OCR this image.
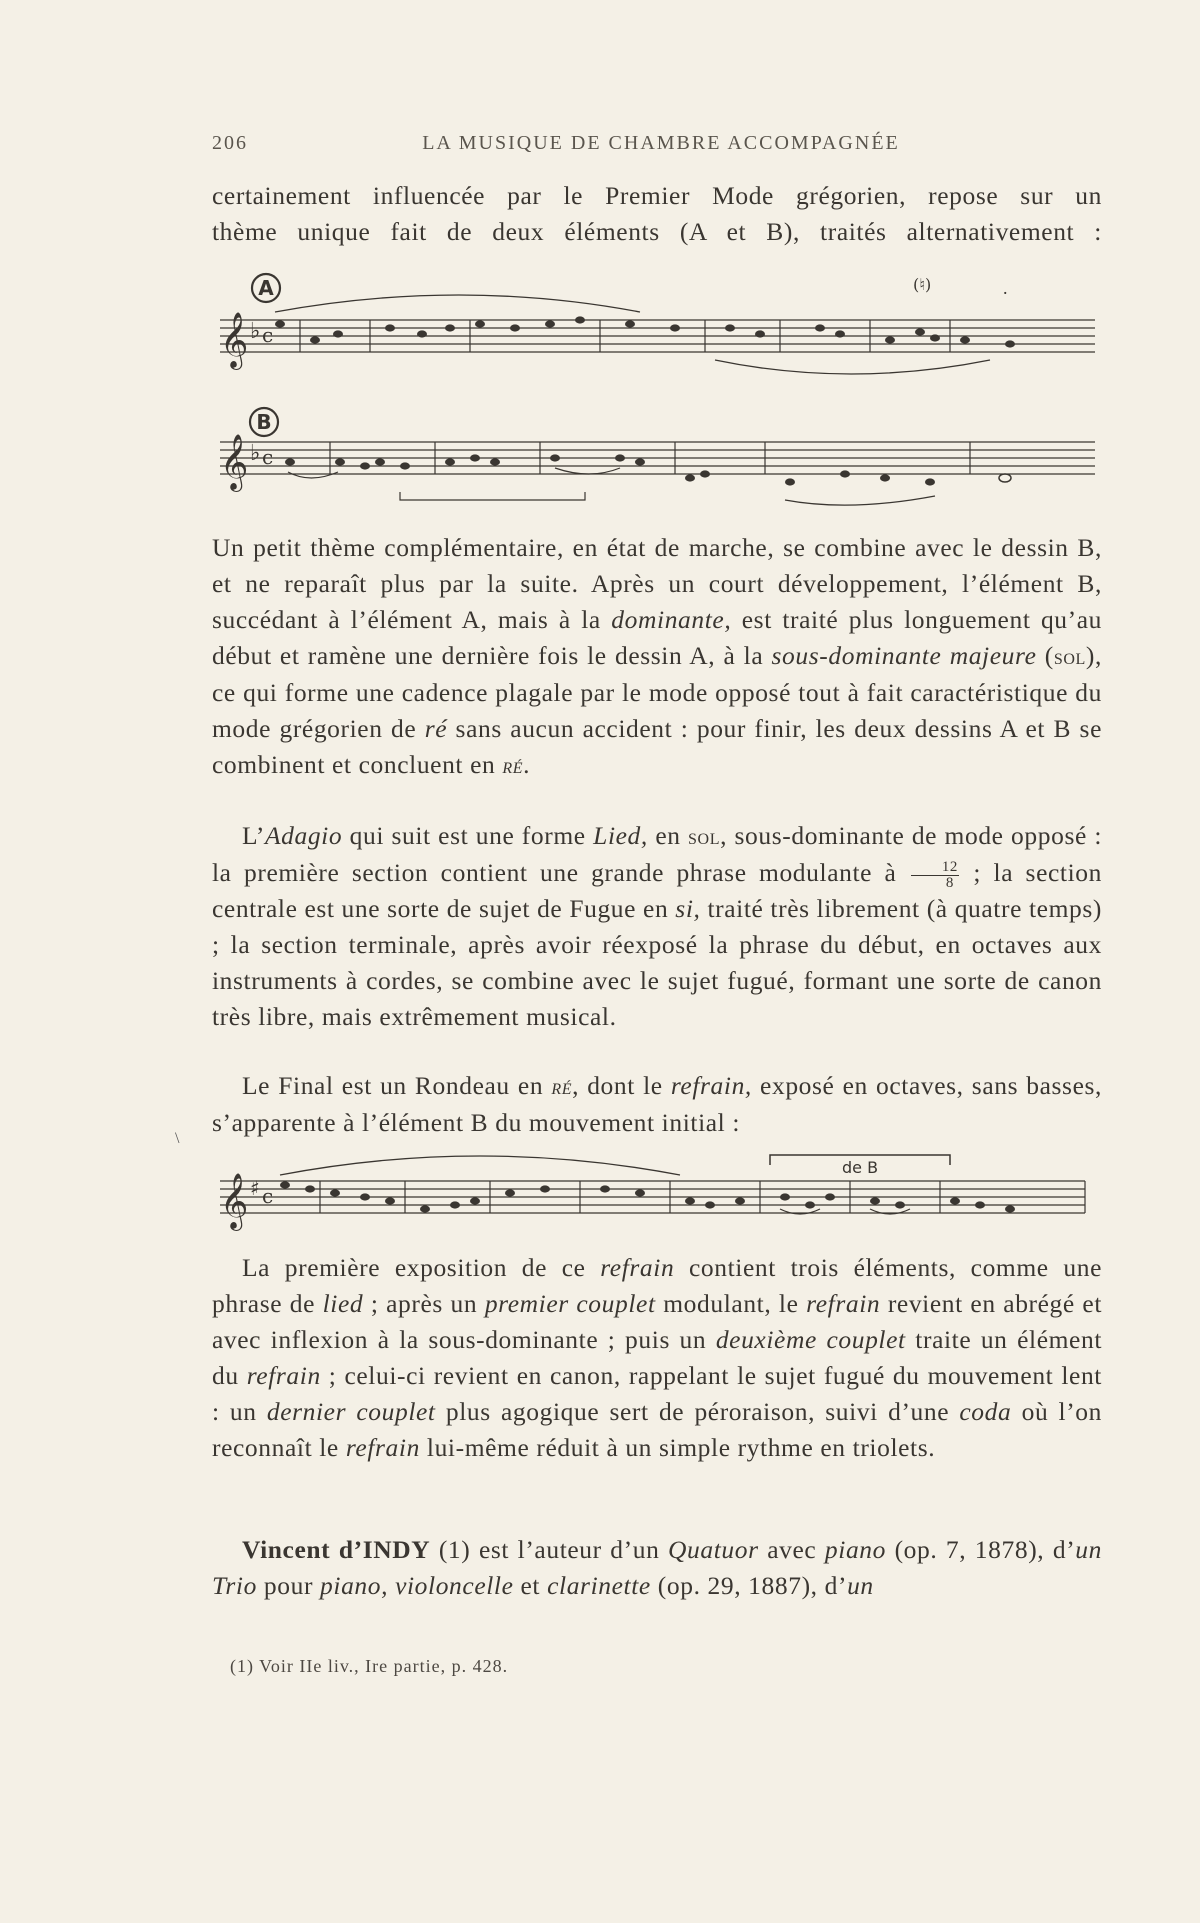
206	LA MUSIQUE DE CHAMBRE ACCOMPAGNÉE

certainement influencée par le Premier Mode grégorien, repose sur un

thème unique fait de deux éléments (A et B), traités alternativement :

𝄞 ♭ c
A	(♮)	.
𝄞 ♭ c
B

Un petit thème complémentaire, en état de marche, se combine avec le dessin B, et ne reparaît plus par la suite. Après un court développement, l’élément B, succédant à l’élément A, mais à la dominante, est traité plus longuement qu’au début et ramène une dernière fois le dessin A, à la sous-dominante majeure (sol), ce qui forme une cadence plagale par le mode opposé tout à fait caractéristique du mode grégorien de ré sans aucun accident : pour finir, les deux dessins A et B se combinent et concluent en ré.

L’Adagio qui suit est une forme Lied, en sol, sous-dominante de mode opposé : la première section contient une grande phrase modulante à $\frac{12}{8}$ ; la section centrale est une sorte de sujet de Fugue en si, traité très librement (à quatre temps) ; la section terminale, après avoir réexposé la phrase du début, en octaves aux instruments à cordes, se combine avec le sujet fugué, formant une sorte de canon très libre, mais extrêmement musical.

Le Final est un Rondeau en ré, dont le refrain, exposé en octaves, sans basses, s’apparente à l’élément B du mouvement initial :

\
𝄞 ♯ c
de B

La première exposition de ce refrain contient trois éléments, comme une phrase de lied ; après un premier couplet modulant, le refrain revient en abrégé et avec inflexion à la sous-dominante ; puis un deuxième couplet traite un élément du refrain ; celui-ci revient en canon, rappelant le sujet fugué du mouvement lent : un dernier couplet plus agogique sert de péroraison, suivi d’une coda où l’on reconnaît le refrain lui-même réduit à un simple rythme en triolets.

Vincent d’INDY (1) est l’auteur d’un Quatuor avec piano (op. 7, 1878), d’un Trio pour piano, violoncelle et clarinette (op. 29, 1887), d’un

(1) Voir IIe liv., Ire partie, p. 428.
